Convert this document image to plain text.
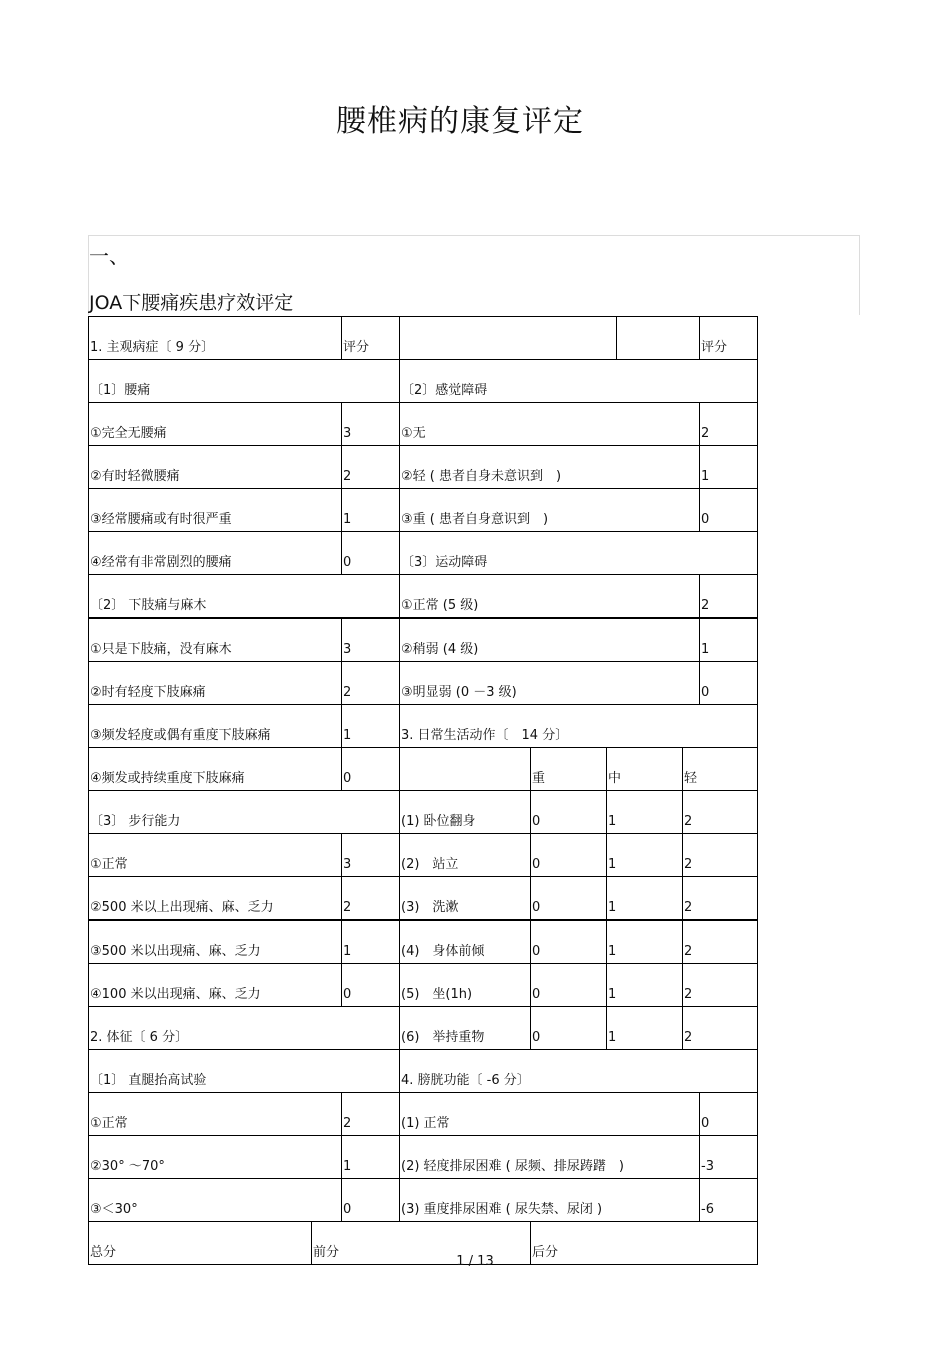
腰椎病的康复评定
一、
JOA下腰痛疾患疗效评定
1. 主观病症〔 9 分〕		评分						评分
〔1〕腰痛			〔2〕感觉障碍					
①完全无腰痛		3	①无					2
②有时轻微腰痛		2	②轻 ( 患者自身未意识到　)					1
③经常腰痛或有时很严重		1	③重 ( 患者自身意识到　)					0
④经常有非常剧烈的腰痛		0	〔3〕运动障碍					
〔2〕 下肢痛与麻木			①正常 (5 级)					2
①只是下肢痛，没有麻木		3	②稍弱 (4 级)					1
②时有轻度下肢麻痛		2	③明显弱 (0 －3 级)					0
③频发轻度或偶有重度下肢麻痛		1	3. 日常生活动作〔　14 分〕					
④频发或持续重度下肢麻痛		0		重	中		轻	
〔3〕 步行能力			(1) 卧位翻身	0	1		2	
①正常		3	(2)　站立	0	1		2	
②500 米以上出现痛、麻、乏力		2	(3)　洗漱	0	1		2	
③500 米以出现痛、麻、乏力		1	(4)　身体前倾	0	1		2	
④100 米以出现痛、麻、乏力		0	(5)　坐(1h)	0	1		2	
2. 体征〔 6 分〕			(6)　举持重物	0	1		2	
〔1〕 直腿抬高试验			4. 膀胱功能〔 -6 分〕					
①正常		2	(1) 正常					0
②30° ～70°		1	(2) 轻度排尿困难 ( 尿频、排尿踌躇　)					-3
③＜30°		0	(3) 重度排尿困难 ( 尿失禁、尿闭 )					-6
总分	前分			后分				
1 / 13
